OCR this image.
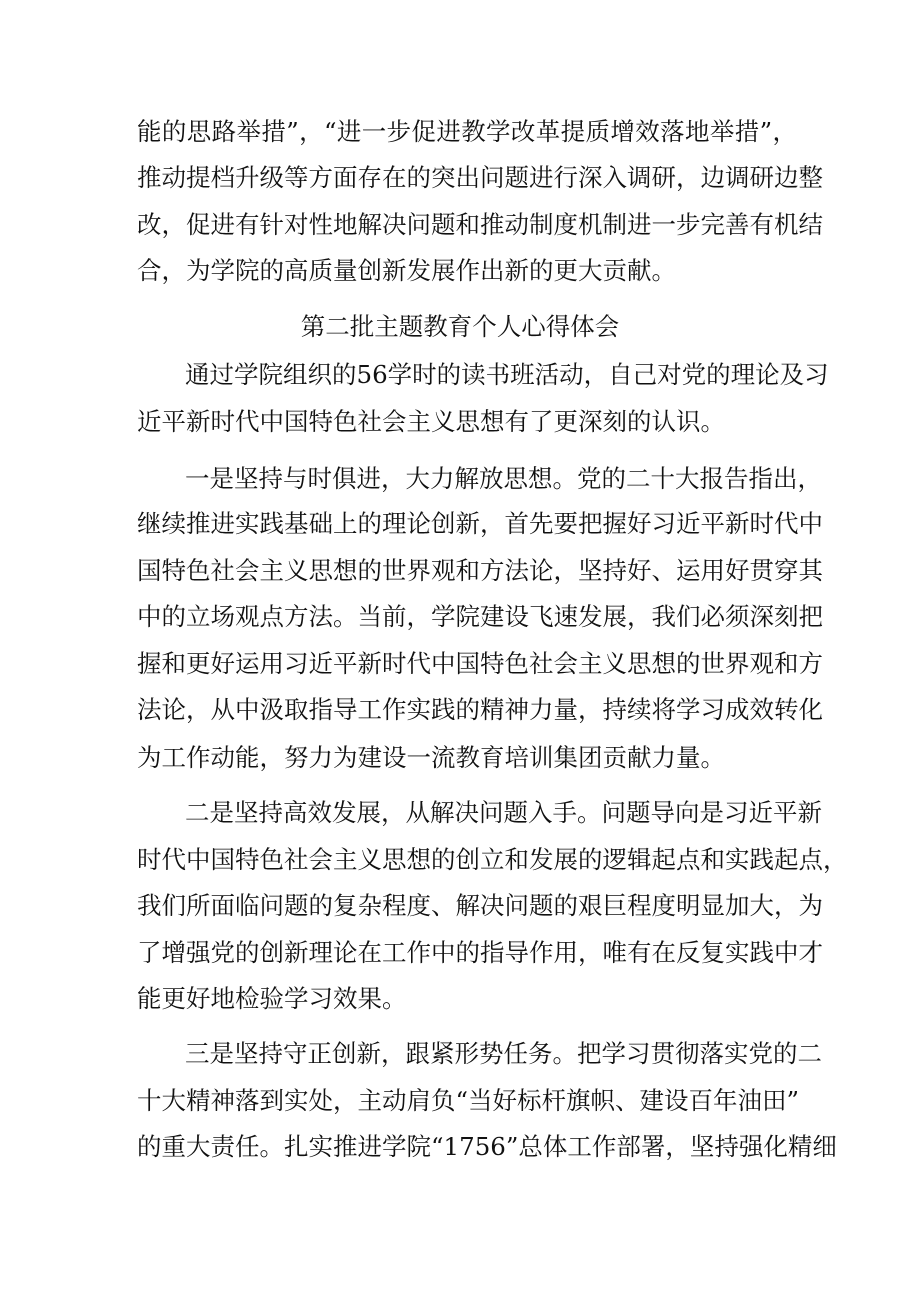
能的思路举措”，“进一步促进教学改革提质增效落地举措”，
推动提档升级等方面存在的突出问题进行深入调研，边调研边整
改，促进有针对性地解决问题和推动制度机制进一步完善有机结
合，为学院的高质量创新发展作出新的更大贡献。
第二批主题教育个人心得体会
通过学院组织的56学时的读书班活动，自己对党的理论及习
近平新时代中国特色社会主义思想有了更深刻的认识。
一是坚持与时俱进，大力解放思想。党的二十大报告指出，
继续推进实践基础上的理论创新，首先要把握好习近平新时代中
国特色社会主义思想的世界观和方法论，坚持好、运用好贯穿其
中的立场观点方法。当前，学院建设飞速发展，我们必须深刻把
握和更好运用习近平新时代中国特色社会主义思想的世界观和方
法论，从中汲取指导工作实践的精神力量，持续将学习成效转化
为工作动能，努力为建设一流教育培训集团贡献力量。
二是坚持高效发展，从解决问题入手。问题导向是习近平新
时代中国特色社会主义思想的创立和发展的逻辑起点和实践起点，
我们所面临问题的复杂程度、解决问题的艰巨程度明显加大，为
了增强党的创新理论在工作中的指导作用，唯有在反复实践中才
能更好地检验学习效果。
三是坚持守正创新，跟紧形势任务。把学习贯彻落实党的二
十大精神落到实处，主动肩负“当好标杆旗帜、建设百年油田”
的重大责任。扎实推进学院“1756”总体工作部署，坚持强化精细
